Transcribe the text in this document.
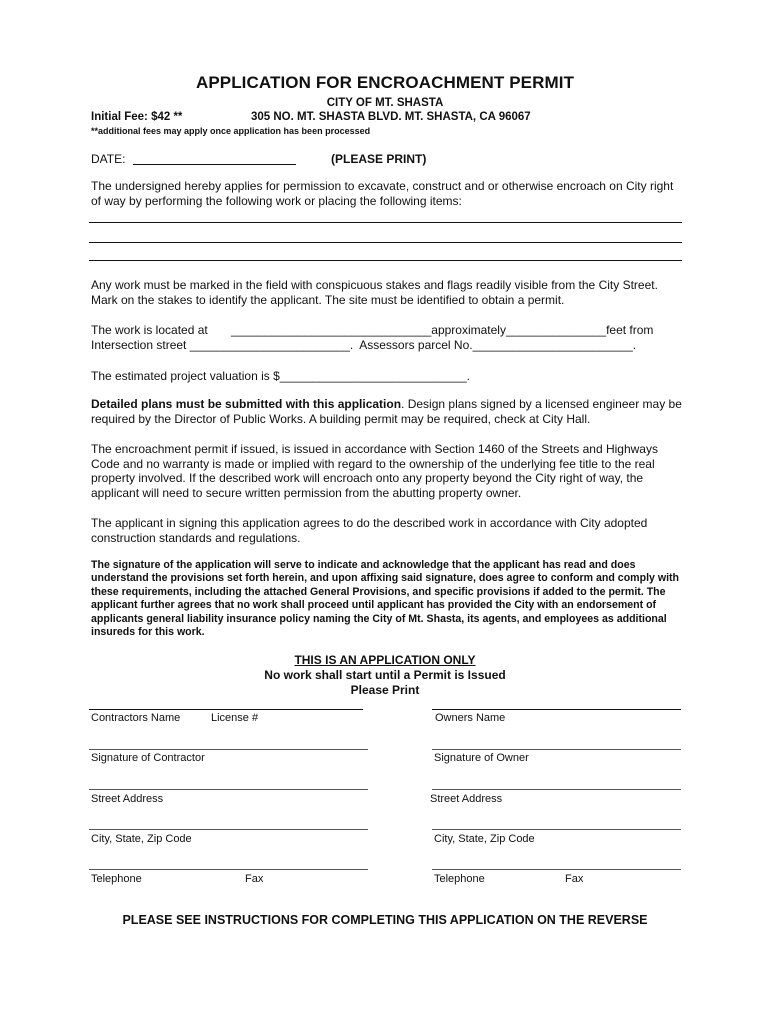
APPLICATION FOR ENCROACHMENT PERMIT
CITY OF MT. SHASTA
Initial Fee: $42 **	305 NO. MT. SHASTA BLVD. MT. SHASTA, CA 96067
**additional fees may apply once application has been processed
DATE:	(PLEASE PRINT)
The undersigned hereby applies for permission to excavate, construct and or otherwise encroach on City right of way by performing the following work or placing the following items:
Any work must be marked in the field with conspicuous stakes and flags readily visible from the City Street. Mark on the stakes to identify the applicant. The site must be identified to obtain a permit.
The work is located at       ______________________________approximately_______________feet from
Intersection street ________________________.  Assessors parcel No.________________________.
The estimated project valuation is $____________________________.
Detailed plans must be submitted with this application. Design plans signed by a licensed engineer may be required by the Director of Public Works. A building permit may be required, check at City Hall.
The encroachment permit if issued, is issued in accordance with Section 1460 of the Streets and Highways Code and no warranty is made or implied with regard to the ownership of the underlying fee title to the real property involved. If the described work will encroach onto any property beyond the City right of way, the applicant will need to secure written permission from the abutting property owner.
The applicant in signing this application agrees to do the described work in accordance with City adopted construction standards and regulations.
The signature of the application will serve to indicate and acknowledge that the applicant has read and does understand the provisions set forth herein, and upon affixing said signature, does agree to conform and comply with these requirements, including the attached General Provisions, and specific provisions if added to the permit. The applicant further agrees that no work shall proceed until applicant has provided the City with an endorsement of applicants general liability insurance policy naming the City of Mt. Shasta, its agents, and employees as additional insureds for this work.
THIS IS AN APPLICATION ONLY
No work shall start until a Permit is Issued
Please Print
Contractors Name	License #	Owners Name
Signature of Contractor	Signature of Owner
Street Address	Street Address
City, State, Zip Code	City, State, Zip Code
Telephone	Fax	Telephone	Fax
PLEASE SEE INSTRUCTIONS FOR COMPLETING THIS APPLICATION ON THE REVERSE
